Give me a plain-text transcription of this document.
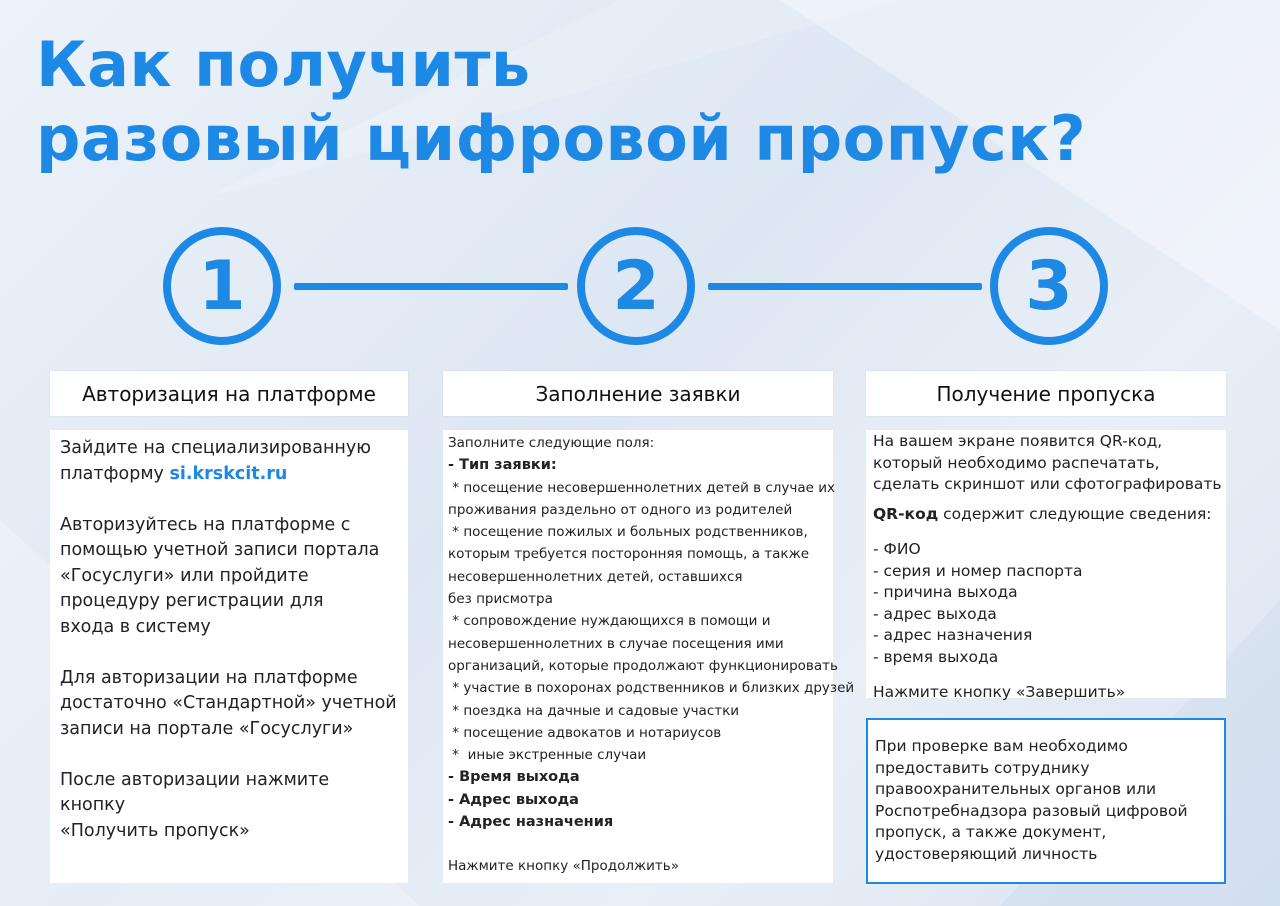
Как получить
разовый цифровой пропуск?
1	2	3
Авторизация на платформе	Заполнение заявки	Получение пропуска
Зайдите на специализированную
платформу si.krskcit.ru
Авторизуйтесь на платформе с
помощью учетной записи портала
«Госуслуги» или пройдите
процедуру регистрации для
входа в систему
Для авторизации на платформе
достаточно «Стандартной» учетной
записи на портале «Госуслуги»
После авторизации нажмите кнопку
«Получить пропуск»
Заполните следующие поля:
- Тип заявки:
* посещение несовершеннолетних детей в случае их
проживания раздельно от одного из родителей
* посещение пожилых и больных родственников,
которым требуется посторонняя помощь, а также
несовершеннолетних детей, оставшихся
без присмотра
* сопровождение нуждающихся в помощи и
несовершеннолетних в случае посещения ими
организаций, которые продолжают функционировать
* участие в похоронах родственников и близких друзей
* поездка на дачные и садовые участки
* посещение адвокатов и нотариусов
*  иные экстренные случаи
- Время выхода
- Адрес выхода
- Адрес назначения
Нажмите кнопку «Продолжить»
На вашем экране появится QR-код,
который необходимо распечатать,
сделать скриншот или сфотографировать
QR-код содержит следующие сведения:
- ФИО
- серия и номер паспорта
- причина выхода
- адрес выхода
- адрес назначения
- время выхода
Нажмите кнопку «Завершить»
При проверке вам необходимо
предоставить сотруднику
правоохранительных органов или
Роспотребнадзора разовый цифровой
пропуск, а также документ,
удостоверяющий личность
